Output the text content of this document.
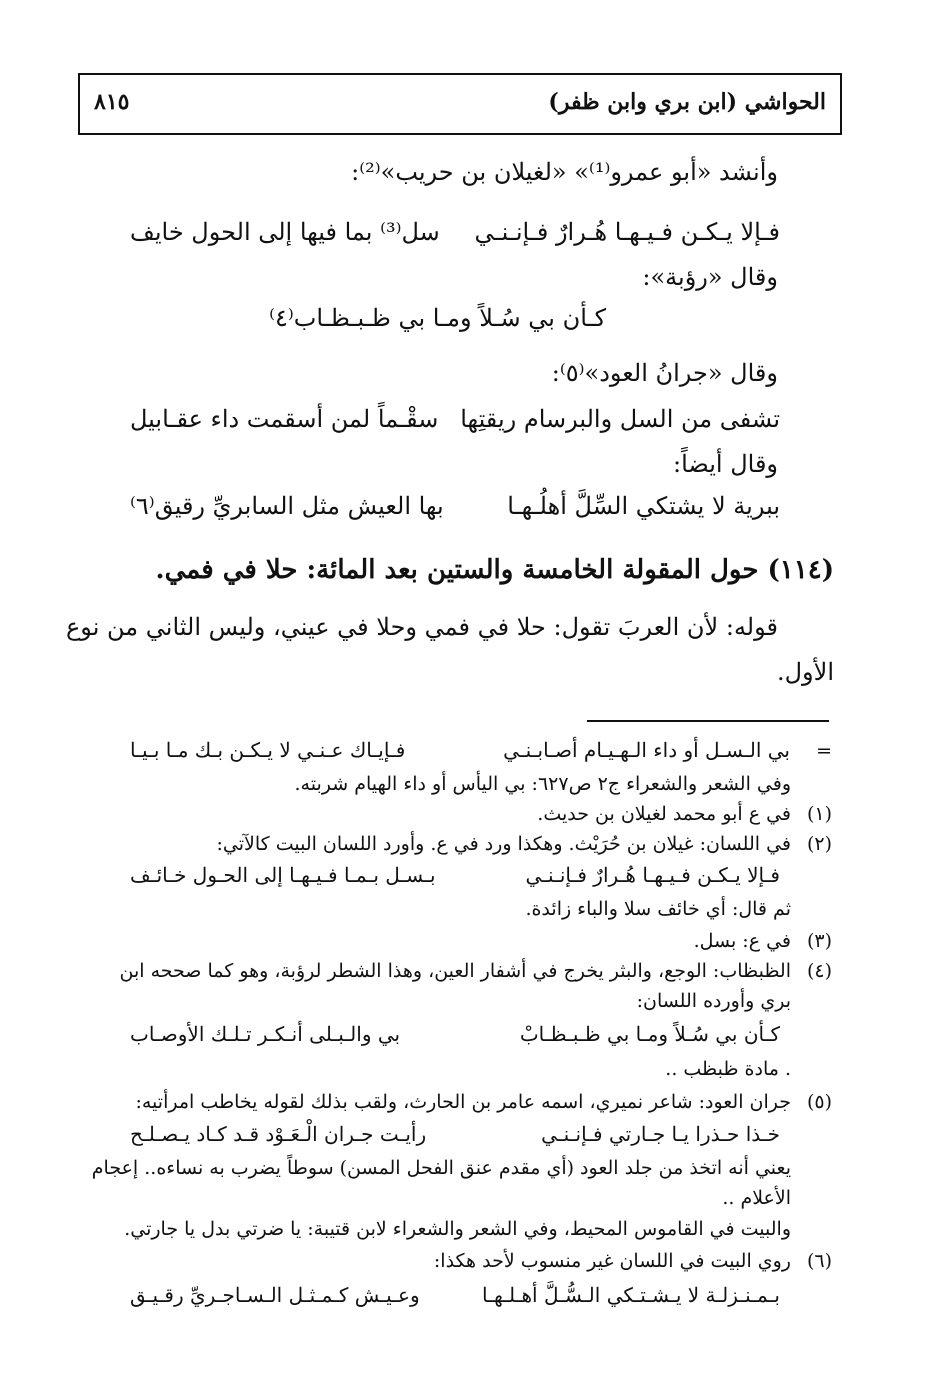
الحواشي (ابن بري وابن ظفر)
٨١٥
وأنشد «أبو عمرو⁽¹⁾» «لغيلان بن حريب»⁽²⁾:
فـإلا يـكـن فـيـهـا هُـرارٌ فـإنـنـي
سل⁽³⁾ بما فيها إلى الحول خايف
وقال «رؤبة»:
كـأن بي سُـلاً ومـا بي ظـبـظـاب⁽٤⁾
وقال «جرانُ العود»⁽٥⁾:
تشفى من السل والبرسام ريقتِها
سقْـماً لمن أسقمت داء عقـابيل
وقال أيضاً:
ببرية لا يشتكي السِّلَّ أهلُـهـا
بها العيش مثل السابريِّ رقيق⁽٦⁾
(١١٤) حول المقولة الخامسة والستين بعد المائة: حلا في فمي.
قوله: لأن العربَ تقول: حلا في فمي وحلا في عيني، وليس الثاني من نوع
الأول.
=
بي الـسـل أو داء الـهـيـام أصـابـنـي
فـإيـاك عـنـي لا يـكـن بـك مـا بـيـا
وفي الشعر والشعراء ج٢ ص٦٢٧: بي اليأس أو داء الهيام شربته.
(١)
في ع أبو محمد لغيلان بن حديث.
(٢)
في اللسان: غيلان بن حُرَيْث. وهكذا ورد في ع. وأورد اللسان البيت كالآتي:
فـإلا يـكـن فـيـهـا هُـرارٌ فـإنـنـي
بـسـل بـمـا فـيـهـا إلى الحـول خـائـف
ثم قال: أي خائف سلا والباء زائدة.
(٣)
في ع: بسل.
(٤)
الظبظاب: الوجع، والبثر يخرج في أشفار العين، وهذا الشطر لرؤبة، وهو كما صححه ابن
بري وأورده اللسان:
كـأن بي سُـلاً ومـا بي ظـبـظـابْ
بي والـبـلى أنـكـر تـلـك الأوصـاب
. مادة ظبظب ..
(٥)
جران العود: شاعر نميري، اسمه عامر بن الحارث، ولقب بذلك لقوله يخاطب امرأتيه:
خـذا حـذرا يـا جـارتي فـإنـنـي
رأيـت جـران الْـعَـوْد قـد كـاد يـصـلـح
يعني أنه اتخذ من جلد العود (أي مقدم عنق الفحل المسن) سوطاً يضرب به نساءه.. إعجام
الأعلام ..
والبيت في القاموس المحيط، وفي الشعر والشعراء لابن قتيبة: يا ضرتي بدل يا جارتي.
(٦)
روي البيت في اللسان غير منسوب لأحد هكذا:
بـمـنـزلـة لا يـشـتـكي الـسُّـلَّ أهـلـهـا
وعـيـش كـمـثـل الـسـاجـريِّ رقـيـق
